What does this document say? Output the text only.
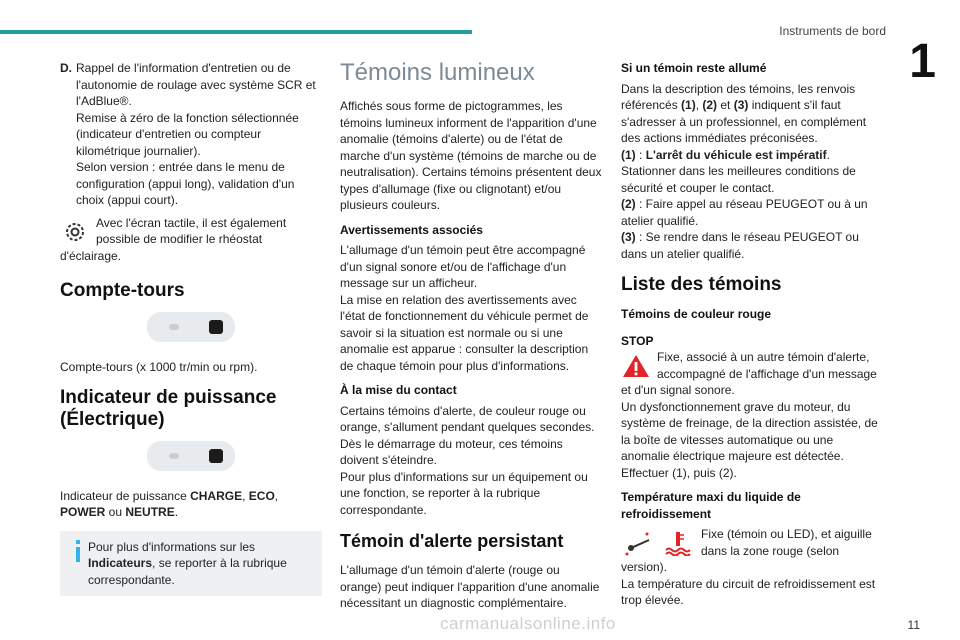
Instruments de bord
1
11
carmanualsonline.info
D. Rappel de l'information d'entretien ou de l'autonomie de roulage avec système SCR et l'AdBlue®.
Remise à zéro de la fonction sélectionnée (indicateur d'entretien ou compteur kilométrique journalier).
Selon version : entrée dans le menu de configuration (appui long), validation d'un choix (appui court).
Avec l'écran tactile, il est également possible de modifier le rhéostat d'éclairage.
Compte-tours

Compte-tours (x 1000 tr/min ou rpm).

Indicateur de puissance (Électrique)

Indicateur de puissance CHARGE, ECO, POWER ou NEUTRE.

Pour plus d'informations sur les Indicateurs, se reporter à la rubrique correspondante.
Témoins lumineux

Affichés sous forme de pictogrammes, les témoins lumineux informent de l'apparition d'une anomalie (témoins d'alerte) ou de l'état de marche d'un système (témoins de marche ou de neutralisation). Certains témoins présentent deux types d'allumage (fixe ou clignotant) et/ou plusieurs couleurs.

Avertissements associés

L'allumage d'un témoin peut être accompagné d'un signal sonore et/ou de l'affichage d'un message sur un afficheur.

La mise en relation des avertissements avec l'état de fonctionnement du véhicule permet de savoir si la situation est normale ou si une anomalie est apparue : consulter la description de chaque témoin pour plus d'informations.

À la mise du contact

Certains témoins d'alerte, de couleur rouge ou orange, s'allument pendant quelques secondes. Dès le démarrage du moteur, ces témoins doivent s'éteindre.

Pour plus d'informations sur un équipement ou une fonction, se reporter à la rubrique correspondante.

Témoin d'alerte persistant

L'allumage d'un témoin d'alerte (rouge ou orange) peut indiquer l'apparition d'une anomalie nécessitant un diagnostic complémentaire.

Si un témoin reste allumé

Dans la description des témoins, les renvois référencés (1), (2) et (3) indiquent s'il faut s'adresser à un professionnel, en complément des actions immédiates préconisées.

(1) : L'arrêt du véhicule est impératif. Stationner dans les meilleures conditions de sécurité et couper le contact.
(2) : Faire appel au réseau PEUGEOT ou à un atelier qualifié.
(3) : Se rendre dans le réseau PEUGEOT ou dans un atelier qualifié.
Liste des témoins
Témoins de couleur rouge
STOP
Fixe, associé à un autre témoin d'alerte, accompagné de l'affichage d'un message et d'un signal sonore.

Un dysfonctionnement grave du moteur, du système de freinage, de la direction assistée, de la boîte de vitesses automatique ou une anomalie électrique majeure est détectée.

Effectuer (1), puis (2).

Température maxi du liquide de refroidissement
Fixe (témoin ou LED), et aiguille dans la zone rouge (selon version).

La température du circuit de refroidissement est trop élevée.
